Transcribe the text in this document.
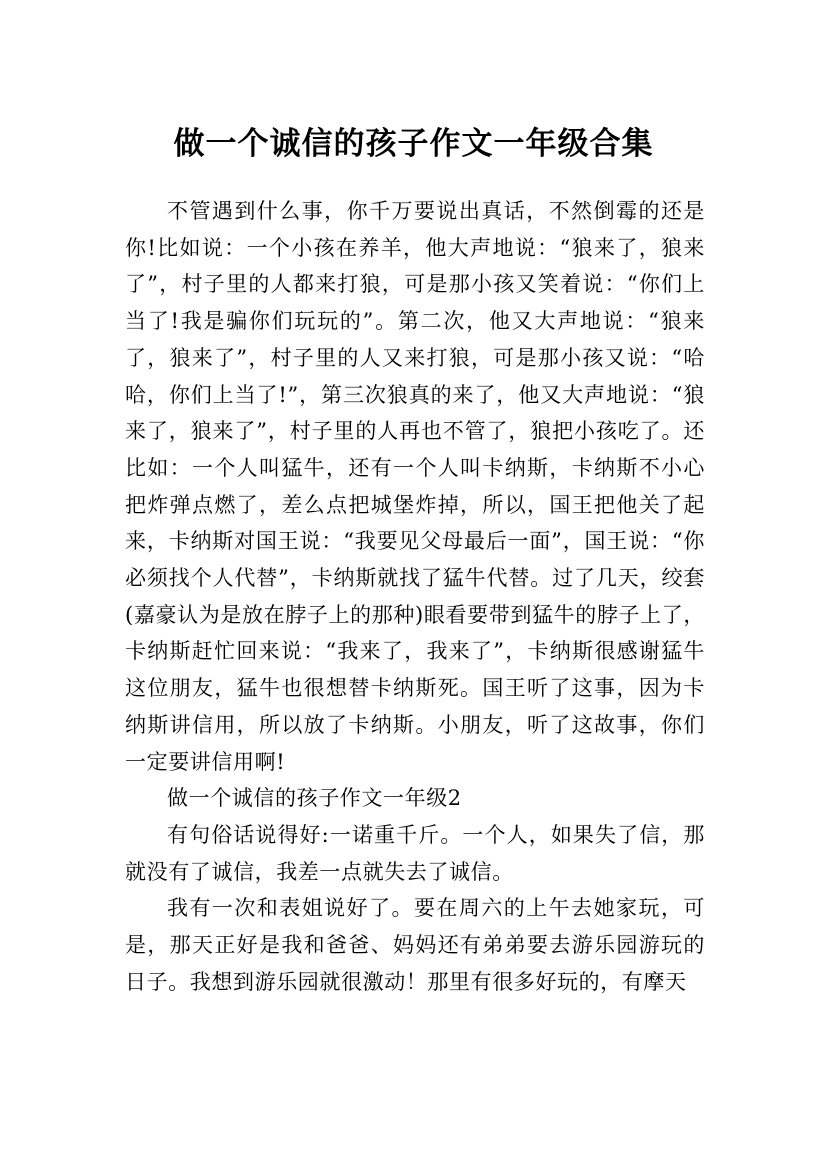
做一个诚信的孩子作文一年级合集

不管遇到什么事，你千万要说出真话，不然倒霉的还是你!比如说：一个小孩在养羊，他大声地说：“狼来了，狼来了”，村子里的人都来打狼，可是那小孩又笑着说：“你们上当了!我是骗你们玩玩的”。第二次，他又大声地说：“狼来了，狼来了”，村子里的人又来打狼，可是那小孩又说：“哈哈，你们上当了!”，第三次狼真的来了，他又大声地说：“狼来了，狼来了”，村子里的人再也不管了，狼把小孩吃了。还比如：一个人叫猛牛，还有一个人叫卡纳斯，卡纳斯不小心把炸弹点燃了，差么点把城堡炸掉，所以，国王把他关了起来，卡纳斯对国王说：“我要见父母最后一面”，国王说：“你必须找个人代替”，卡纳斯就找了猛牛代替。过了几天，绞套(嘉豪认为是放在脖子上的那种)眼看要带到猛牛的脖子上了，卡纳斯赶忙回来说：“我来了，我来了”，卡纳斯很感谢猛牛这位朋友，猛牛也很想替卡纳斯死。国王听了这事，因为卡纳斯讲信用，所以放了卡纳斯。小朋友，听了这故事，你们一定要讲信用啊!

做一个诚信的孩子作文一年级2

有句俗话说得好:一诺重千斤。一个人，如果失了信，那就没有了诚信，我差一点就失去了诚信。

我有一次和表姐说好了。要在周六的上午去她家玩，可是，那天正好是我和爸爸、妈妈还有弟弟要去游乐园游玩的日子。我想到游乐园就很激动！那里有很多好玩的，有摩天
